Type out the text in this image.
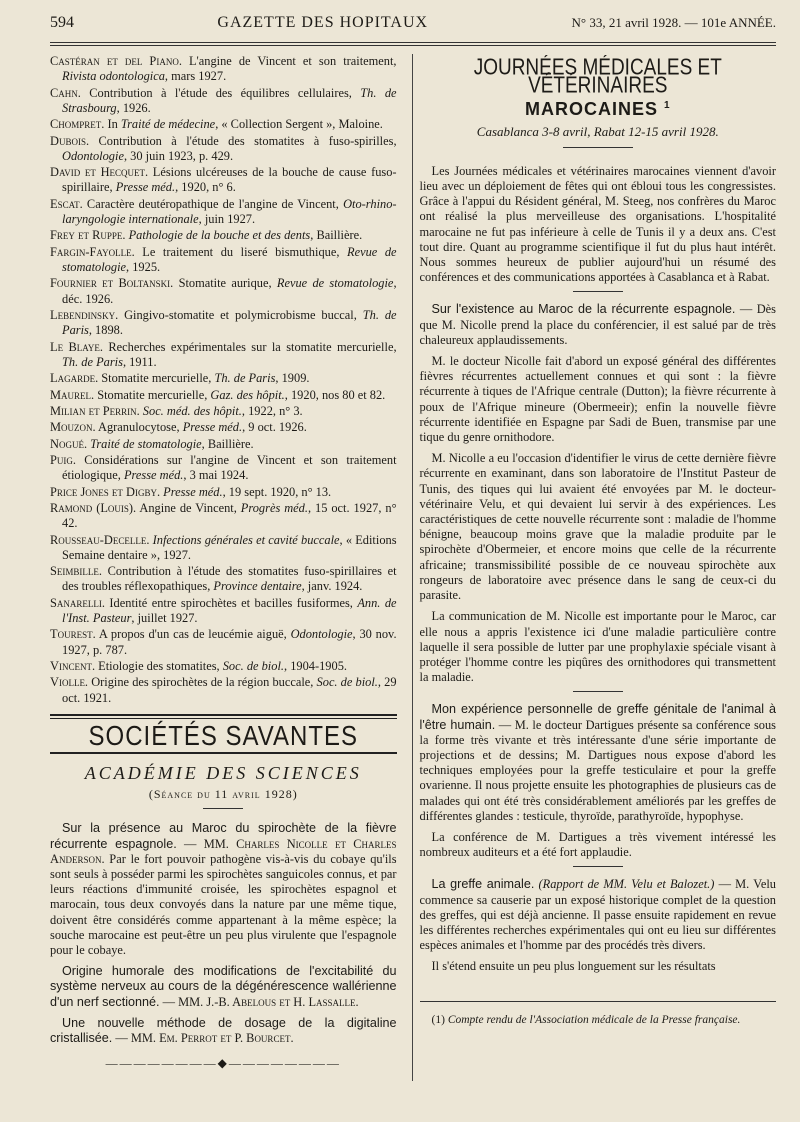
594	GAZETTE DES HOPITAUX	N° 33, 21 avril 1928. — 101e ANNÉE.

Castéran et del Piano. L'angine de Vincent et son traitement, Rivista odontologica, mars 1927.

Cahn. Contribution à l'étude des équilibres cellulaires, Th. de Strasbourg, 1926.

Chompret. In Traité de médecine, « Collection Sergent », Maloine.

Dubois. Contribution à l'étude des stomatites à fuso-spirilles, Odontologie, 30 juin 1923, p. 429.

David et Hecquet. Lésions ulcéreuses de la bouche de cause fuso-spirillaire, Presse méd., 1920, n° 6.

Escat. Caractère deutéropathique de l'angine de Vincent, Oto-rhino-laryngologie internationale, juin 1927.

Frey et Ruppe. Pathologie de la bouche et des dents, Baillière.

Fargin-Fayolle. Le traitement du liseré bismuthique, Revue de stomatologie, 1925.

Fournier et Boltanski. Stomatite aurique, Revue de stomatologie, déc. 1926.

Lebendinsky. Gingivo-stomatite et polymicrobisme buccal, Th. de Paris, 1898.

Le Blaye. Recherches expérimentales sur la stomatite mercurielle, Th. de Paris, 1911.

Lagarde. Stomatite mercurielle, Th. de Paris, 1909.

Maurel. Stomatite mercurielle, Gaz. des hôpit., 1920, nos 80 et 82.

Milian et Perrin. Soc. méd. des hôpit., 1922, n° 3.

Mouzon. Agranulocytose, Presse méd., 9 oct. 1926.

Nogué. Traité de stomatologie, Baillière.

Puig. Considérations sur l'angine de Vincent et son traitement étiologique, Presse méd., 3 mai 1924.

Price Jones et Digby. Presse méd., 19 sept. 1920, n° 13.

Ramond (Louis). Angine de Vincent, Progrès méd., 15 oct. 1927, n° 42.

Rousseau-Decelle. Infections générales et cavité buccale, « Editions Semaine dentaire », 1927.

Seimbille. Contribution à l'étude des stomatites fuso-spirillaires et des troubles réflexopathiques, Province dentaire, janv. 1924.

Sanarelli. Identité entre spirochètes et bacilles fusiformes, Ann. de l'Inst. Pasteur, juillet 1927.

Tourest. A propos d'un cas de leucémie aiguë, Odontologie, 30 nov. 1927, p. 787.

Vincent. Etiologie des stomatites, Soc. de biol., 1904-1905.

Violle. Origine des spirochètes de la région buccale, Soc. de biol., 29 oct. 1921.

SOCIÉTÉS SAVANTES
ACADÉMIE DES SCIENCES
(Séance du 11 avril 1928)

Sur la présence au Maroc du spirochète de la fièvre récurrente espagnole. — MM. Charles Nicolle et Charles Anderson. Par le fort pouvoir pathogène vis-à-vis du cobaye qu'ils sont seuls à posséder parmi les spirochètes sanguicoles connus, et par leurs réactions d'immunité croisée, les spirochètes espagnol et marocain, tous deux convoyés dans la nature par une même tique, doivent être considérés comme appartenant à la même espèce; la souche marocaine est peut-être un peu plus virulente que l'espagnole pour le cobaye.

Origine humorale des modifications de l'excitabilité du système nerveux au cours de la dégénérescence wallérienne d'un nerf sectionné. — MM. J.-B. Abelous et H. Lassalle.

Une nouvelle méthode de dosage de la digitaline cristallisée. — MM. Em. Perrot et P. Bourcet.

――――――――◆――――――――
JOURNÉES MÉDICALES ET VÉTÉRINAIRES
MAROCAINES $^1$
Casablanca 3-8 avril, Rabat 12-15 avril 1928.

Les Journées médicales et vétérinaires marocaines viennent d'avoir lieu avec un déploiement de fêtes qui ont ébloui tous les congressistes. Grâce à l'appui du Résident général, M. Steeg, nos confrères du Maroc ont réalisé la plus merveilleuse des organisations. L'hospitalité marocaine ne fut pas inférieure à celle de Tunis il y a deux ans. C'est tout dire. Quant au programme scientifique il fut du plus haut intérêt. Nous sommes heureux de publier aujourd'hui un résumé des conférences et des communications apportées à Casablanca et à Rabat.

Sur l'existence au Maroc de la récurrente espagnole. — Dès que M. Nicolle prend la place du conférencier, il est salué par de très chaleureux applaudissements.

M. le docteur Nicolle fait d'abord un exposé général des différentes fièvres récurrentes actuellement connues et qui sont : la fièvre récurrente à tiques de l'Afrique centrale (Dutton); la fièvre récurrente à poux de l'Afrique mineure (Obermeeir); enfin la nouvelle fièvre récurrente identifiée en Espagne par Sadi de Buen, transmise par une tique du genre ornithodore.

M. Nicolle a eu l'occasion d'identifier le virus de cette dernière fièvre récurrente en examinant, dans son laboratoire de l'Institut Pasteur de Tunis, des tiques qui lui avaient été envoyées par M. le docteur-vétérinaire Velu, et qui devaient lui servir à des expériences. Les caractéristiques de cette nouvelle récurrente sont : maladie de l'homme bénigne, beaucoup moins grave que la maladie produite par le spirochète d'Obermeier, et encore moins que celle de la récurrente africaine; transmissibilité possible de ce nouveau spirochète aux rongeurs de laboratoire avec présence dans le sang de ceux-ci du parasite.

La communication de M. Nicolle est importante pour le Maroc, car elle nous a appris l'existence ici d'une maladie particulière contre laquelle il sera possible de lutter par une prophylaxie spéciale visant à protéger l'homme contre les piqûres des ornithodores qui transmettent la maladie.

Mon expérience personnelle de greffe génitale de l'animal à l'être humain. — M. le docteur Dartigues présente sa conférence sous la forme très vivante et très intéressante d'une série importante de projections et de dessins; M. Dartigues nous expose d'abord les techniques employées pour la greffe testiculaire et pour la greffe ovarienne. Il nous projette ensuite les photographies de plusieurs cas de malades qui ont été très considérablement améliorés par les greffes de différentes glandes : testicule, thyroïde, parathyroïde, hypophyse.

La conférence de M. Dartigues a très vivement intéressé les nombreux auditeurs et a été fort applaudie.

La greffe animale. (Rapport de MM. Velu et Balozet.) — M. Velu commence sa causerie par un exposé historique complet de la question des greffes, qui est déjà ancienne. Il passe ensuite rapidement en revue les différentes recherches expérimentales qui ont eu lieu sur différentes espèces animales et l'homme par des procédés très divers.

Il s'étend ensuite un peu plus longuement sur les résultats

(1) Compte rendu de l'Association médicale de la Presse française.
